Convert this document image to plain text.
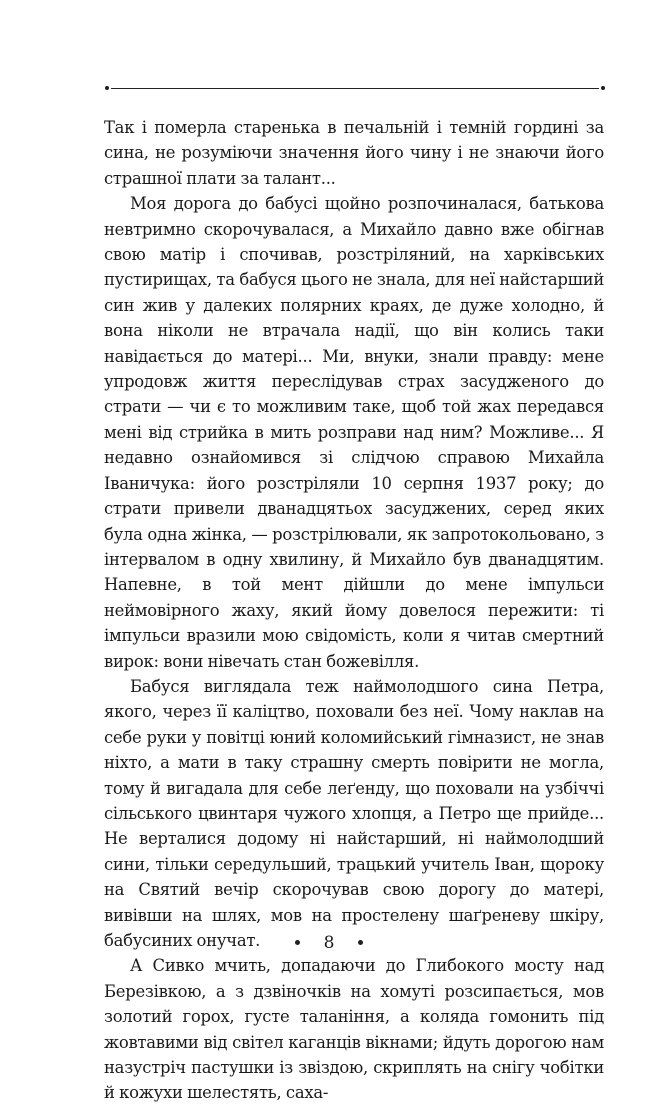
Так і померла старенька в печальній і темній гордині за сина, не розуміючи значення його чину і не знаючи його страшної плати за талант...

Моя дорога до бабусі щойно розпочиналася, батькова невтримно скорочувалася, а Михайло давно вже обігнав свою матір і спочивав, розстріляний, на харківських пустирищах, та бабуся цього не знала, для неї найстарший син жив у далеких полярних краях, де дуже холодно, й вона ніколи не втрачала надії, що він колись таки навідається до матері... Ми, внуки, знали правду: мене упродовж життя переслідував страх засудженого до страти — чи є то можливим таке, щоб той жах передався мені від стрийка в мить розправи над ним? Можливе... Я недавно ознайомився зі слідчою справою Михайла Іваничука: його розстріляли 10 серпня 1937 року; до страти привели дванадцятьох засуджених, серед яких була одна жінка, — розстрілювали, як запротокольовано, з інтервалом в одну хвилину, й Михайло був дванадцятим. Напевне, в той мент дійшли до мене імпульси неймовірного жаху, який йому довелося пережити: ті імпульси вразили мою свідомість, коли я читав смертний вирок: вони нівечать стан божевілля.

Бабуся виглядала теж наймолодшого сина Петра, якого, через її каліцтво, поховали без неї. Чому наклав на себе руки у повітці юний коломийський гімназист, не знав ніхто, а мати в таку страшну смерть повірити не могла, тому й вигадала для себе леґенду, що поховали на узбіччі сільського цвинтаря чужого хлопця, а Петро ще прийде... Не верталися додому ні найстарший, ні наймолодший сини, тільки середульший, трацький учитель Іван, щороку на Святий вечір скорочував свою дорогу до матері, вивівши на шлях, мов на простелену шаґреневу шкіру, бабусиних онучат.

А Сивко мчить, допадаючи до Глибокого мосту над Березівкою, а з дзвіночків на хомуті розсипається, мов золотий горох, густе таланіння, а коляда гомонить під жовтавими від світел каганців вікнами; йдуть дорогою нам назустріч пастушки із звіздою, скриплять на снігу чобітки й кожухи шелестять, саха-

8
